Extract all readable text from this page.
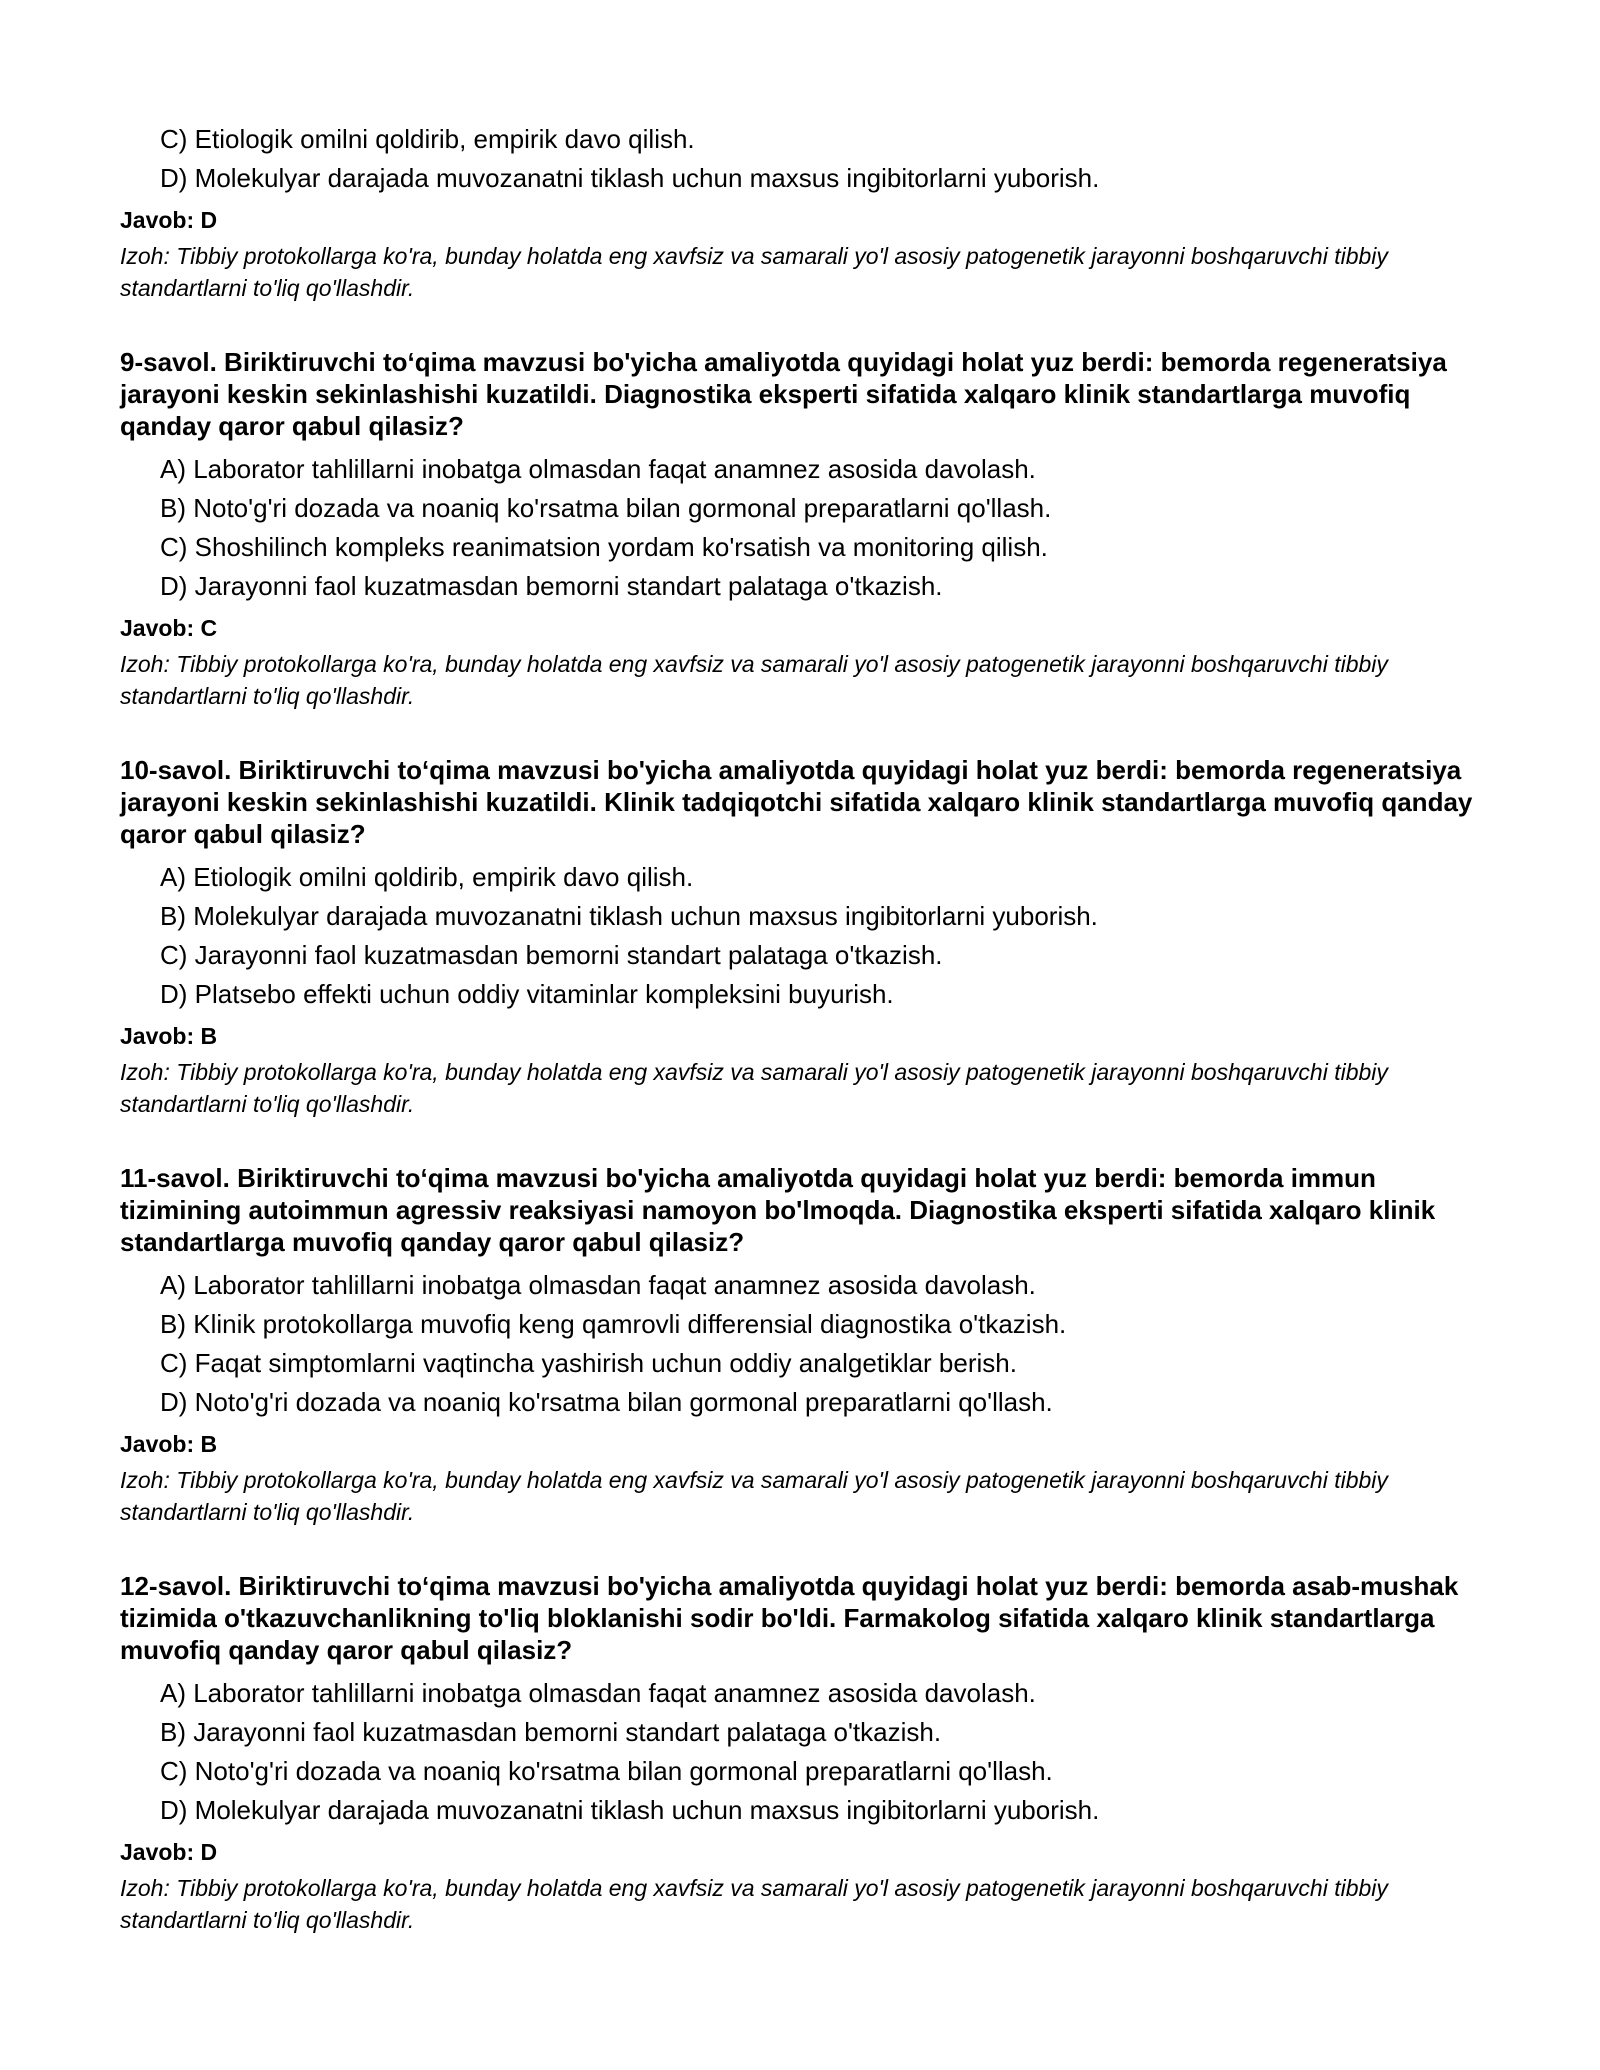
C) Etiologik omilni qoldirib, empirik davo qilish.

D) Molekulyar darajada muvozanatni tiklash uchun maxsus ingibitorlarni yuborish.

Javob: D

Izoh: Tibbiy protokollarga ko'ra, bunday holatda eng xavfsiz va samarali yo'l asosiy patogenetik jarayonni boshqaruvchi tibbiy standartlarni to'liq qo'llashdir.

9-savol. Biriktiruvchi to‘qima mavzusi bo'yicha amaliyotda quyidagi holat yuz berdi: bemorda regeneratsiya jarayoni keskin sekinlashishi kuzatildi. Diagnostika eksperti sifatida xalqaro klinik standartlarga muvofiq qanday qaror qabul qilasiz?

A) Laborator tahlillarni inobatga olmasdan faqat anamnez asosida davolash.

B) Noto'g'ri dozada va noaniq ko'rsatma bilan gormonal preparatlarni qo'llash.

C) Shoshilinch kompleks reanimatsion yordam ko'rsatish va monitoring qilish.

D) Jarayonni faol kuzatmasdan bemorni standart palataga o'tkazish.

Javob: C

Izoh: Tibbiy protokollarga ko'ra, bunday holatda eng xavfsiz va samarali yo'l asosiy patogenetik jarayonni boshqaruvchi tibbiy standartlarni to'liq qo'llashdir.

10-savol. Biriktiruvchi to‘qima mavzusi bo'yicha amaliyotda quyidagi holat yuz berdi: bemorda regeneratsiya jarayoni keskin sekinlashishi kuzatildi. Klinik tadqiqotchi sifatida xalqaro klinik standartlarga muvofiq qanday qaror qabul qilasiz?

A) Etiologik omilni qoldirib, empirik davo qilish.

B) Molekulyar darajada muvozanatni tiklash uchun maxsus ingibitorlarni yuborish.

C) Jarayonni faol kuzatmasdan bemorni standart palataga o'tkazish.

D) Platsebo effekti uchun oddiy vitaminlar kompleksini buyurish.

Javob: B

Izoh: Tibbiy protokollarga ko'ra, bunday holatda eng xavfsiz va samarali yo'l asosiy patogenetik jarayonni boshqaruvchi tibbiy standartlarni to'liq qo'llashdir.

11-savol. Biriktiruvchi to‘qima mavzusi bo'yicha amaliyotda quyidagi holat yuz berdi: bemorda immun tizimining autoimmun agressiv reaksiyasi namoyon bo'lmoqda. Diagnostika eksperti sifatida xalqaro klinik standartlarga muvofiq qanday qaror qabul qilasiz?

A) Laborator tahlillarni inobatga olmasdan faqat anamnez asosida davolash.

B) Klinik protokollarga muvofiq keng qamrovli differensial diagnostika o'tkazish.

C) Faqat simptomlarni vaqtincha yashirish uchun oddiy analgetiklar berish.

D) Noto'g'ri dozada va noaniq ko'rsatma bilan gormonal preparatlarni qo'llash.

Javob: B

Izoh: Tibbiy protokollarga ko'ra, bunday holatda eng xavfsiz va samarali yo'l asosiy patogenetik jarayonni boshqaruvchi tibbiy standartlarni to'liq qo'llashdir.

12-savol. Biriktiruvchi to‘qima mavzusi bo'yicha amaliyotda quyidagi holat yuz berdi: bemorda asab-mushak tizimida o'tkazuvchanlikning to'liq bloklanishi sodir bo'ldi. Farmakolog sifatida xalqaro klinik standartlarga muvofiq qanday qaror qabul qilasiz?

A) Laborator tahlillarni inobatga olmasdan faqat anamnez asosida davolash.

B) Jarayonni faol kuzatmasdan bemorni standart palataga o'tkazish.

C) Noto'g'ri dozada va noaniq ko'rsatma bilan gormonal preparatlarni qo'llash.

D) Molekulyar darajada muvozanatni tiklash uchun maxsus ingibitorlarni yuborish.

Javob: D

Izoh: Tibbiy protokollarga ko'ra, bunday holatda eng xavfsiz va samarali yo'l asosiy patogenetik jarayonni boshqaruvchi tibbiy standartlarni to'liq qo'llashdir.
